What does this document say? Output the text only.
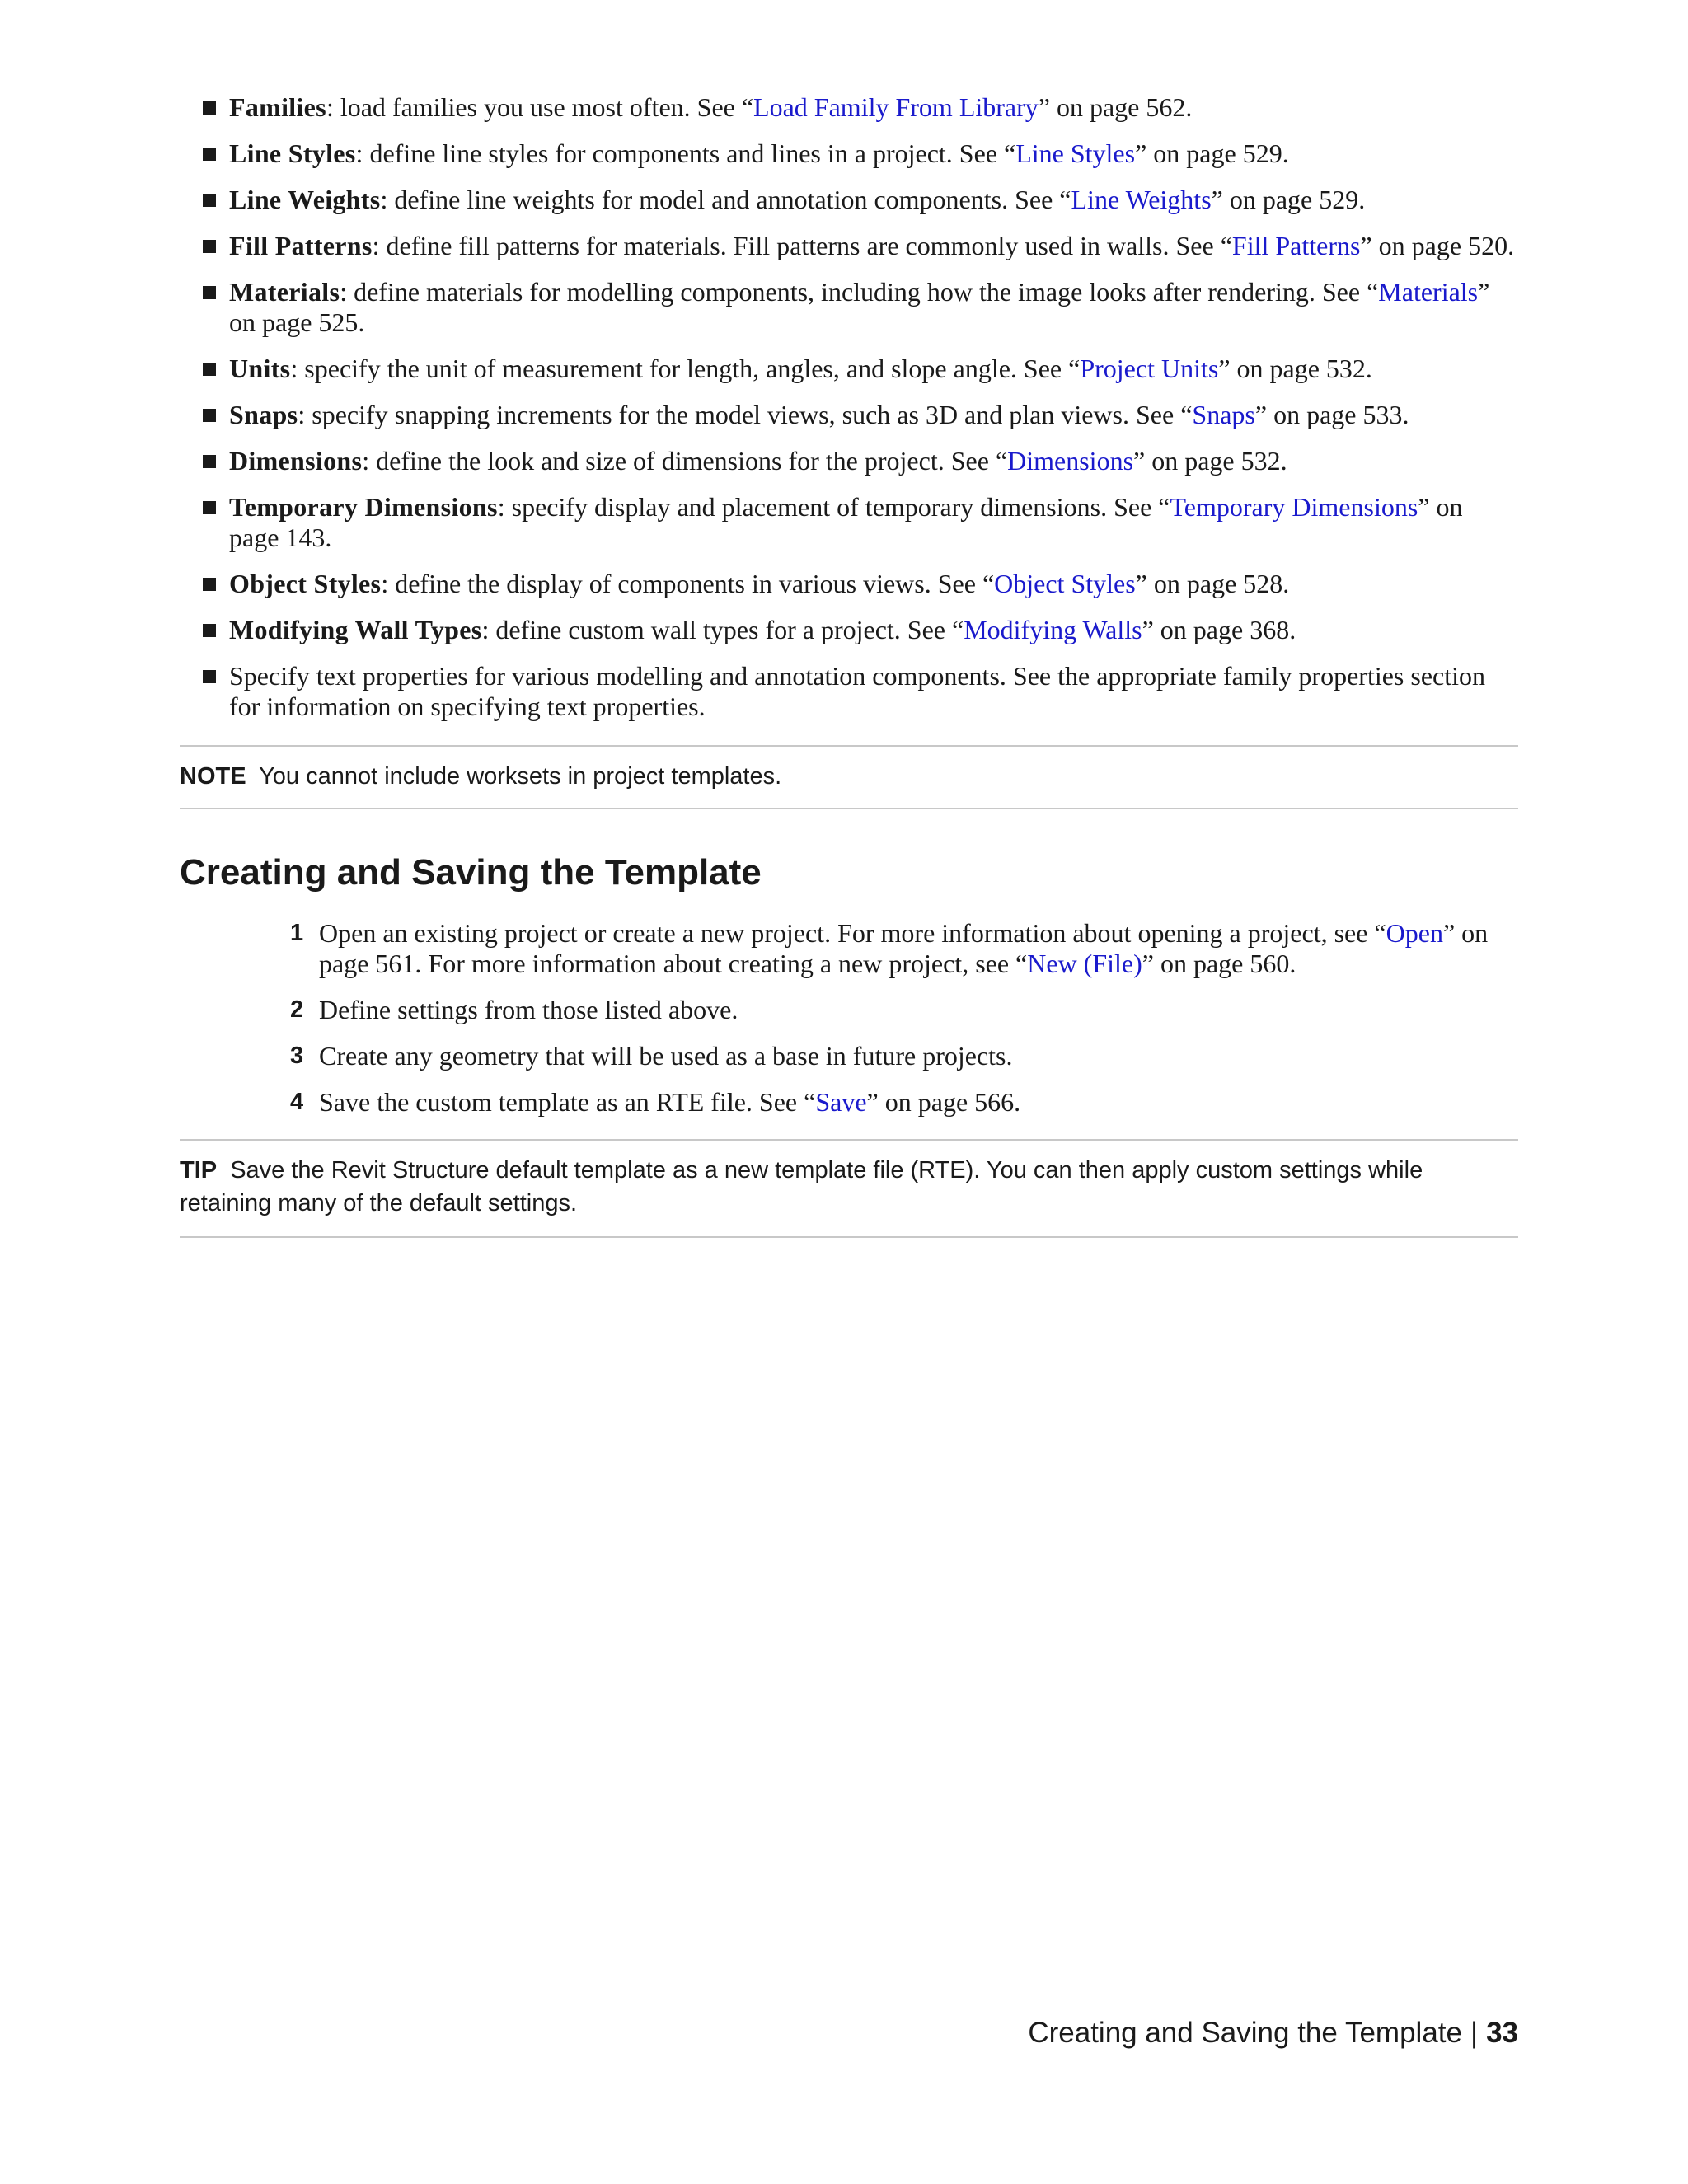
Families: load families you use most often. See “Load Family From Library” on page 562.
Line Styles: define line styles for components and lines in a project. See “Line Styles” on page 529.
Line Weights: define line weights for model and annotation components. See “Line Weights” on page 529.
Fill Patterns: define fill patterns for materials. Fill patterns are commonly used in walls. See “Fill Patterns” on page 520.
Materials: define materials for modelling components, including how the image looks after rendering. See “Materials” on page 525.
Units: specify the unit of measurement for length, angles, and slope angle. See “Project Units” on page 532.
Snaps: specify snapping increments for the model views, such as 3D and plan views. See “Snaps” on page 533.
Dimensions: define the look and size of dimensions for the project. See “Dimensions” on page 532.
Temporary Dimensions: specify display and placement of temporary dimensions. See “Temporary Dimensions” on page 143.
Object Styles: define the display of components in various views. See “Object Styles” on page 528.
Modifying Wall Types: define custom wall types for a project. See “Modifying Walls” on page 368.
Specify text properties for various modelling and annotation components. See the appropriate family properties section for information on specifying text properties.
NOTE You cannot include worksets in project templates.
Creating and Saving the Template
1 Open an existing project or create a new project. For more information about opening a project, see “Open” on page 561. For more information about creating a new project, see “New (File)” on page 560.
2 Define settings from those listed above.
3 Create any geometry that will be used as a base in future projects.
4 Save the custom template as an RTE file. See “Save” on page 566.
TIP Save the Revit Structure default template as a new template file (RTE). You can then apply custom settings while retaining many of the default settings.
Creating and Saving the Template | 33
